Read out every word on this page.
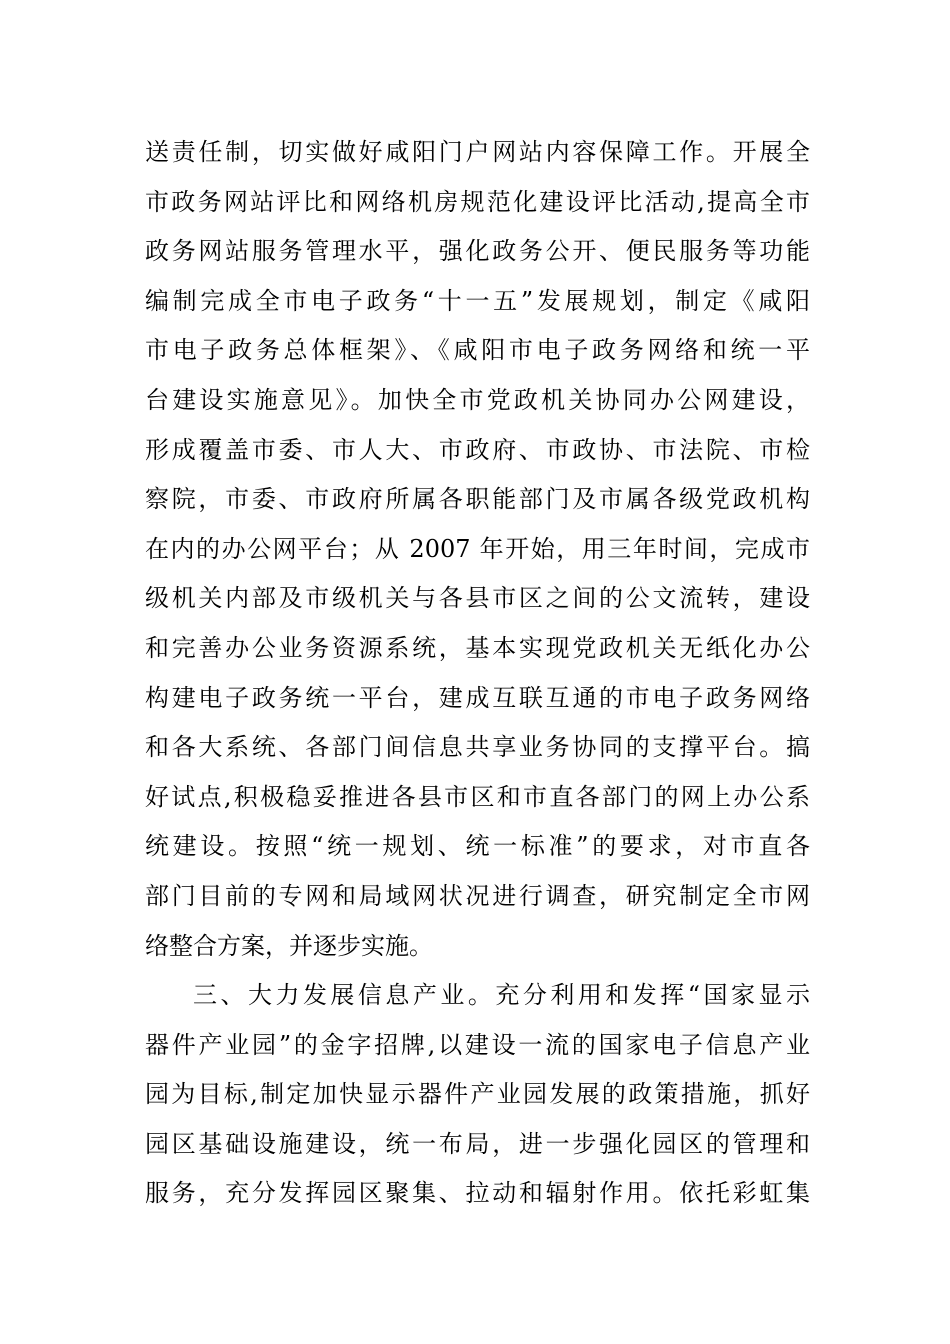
送责任制，切实做好咸阳门户网站内容保障工作。开展全
市政务网站评比和网络机房规范化建设评比活动,提高全市
政务网站服务管理水平，强化政务公开、便民服务等功能
编制完成全市电子政务“十一五”发展规划，制定《咸阳
市电子政务总体框架》、《咸阳市电子政务网络和统一平
台建设实施意见》。加快全市党政机关协同办公网建设，
形成覆盖市委、市人大、市政府、市政协、市法院、市检
察院，市委、市政府所属各职能部门及市属各级党政机构
在内的办公网平台；从 2007 年开始，用三年时间，完成市
级机关内部及市级机关与各县市区之间的公文流转，建设
和完善办公业务资源系统，基本实现党政机关无纸化办公
构建电子政务统一平台，建成互联互通的市电子政务网络
和各大系统、各部门间信息共享业务协同的支撑平台。搞
好试点,积极稳妥推进各县市区和市直各部门的网上办公系
统建设。按照“统一规划、统一标准”的要求，对市直各
部门目前的专网和局域网状况进行调查，研究制定全市网
络整合方案，并逐步实施。
三、大力发展信息产业。充分利用和发挥“国家显示
器件产业园”的金字招牌,以建设一流的国家电子信息产业
园为目标,制定加快显示器件产业园发展的政策措施，抓好
园区基础设施建设，统一布局，进一步强化园区的管理和
服务，充分发挥园区聚集、拉动和辐射作用。依托彩虹集
